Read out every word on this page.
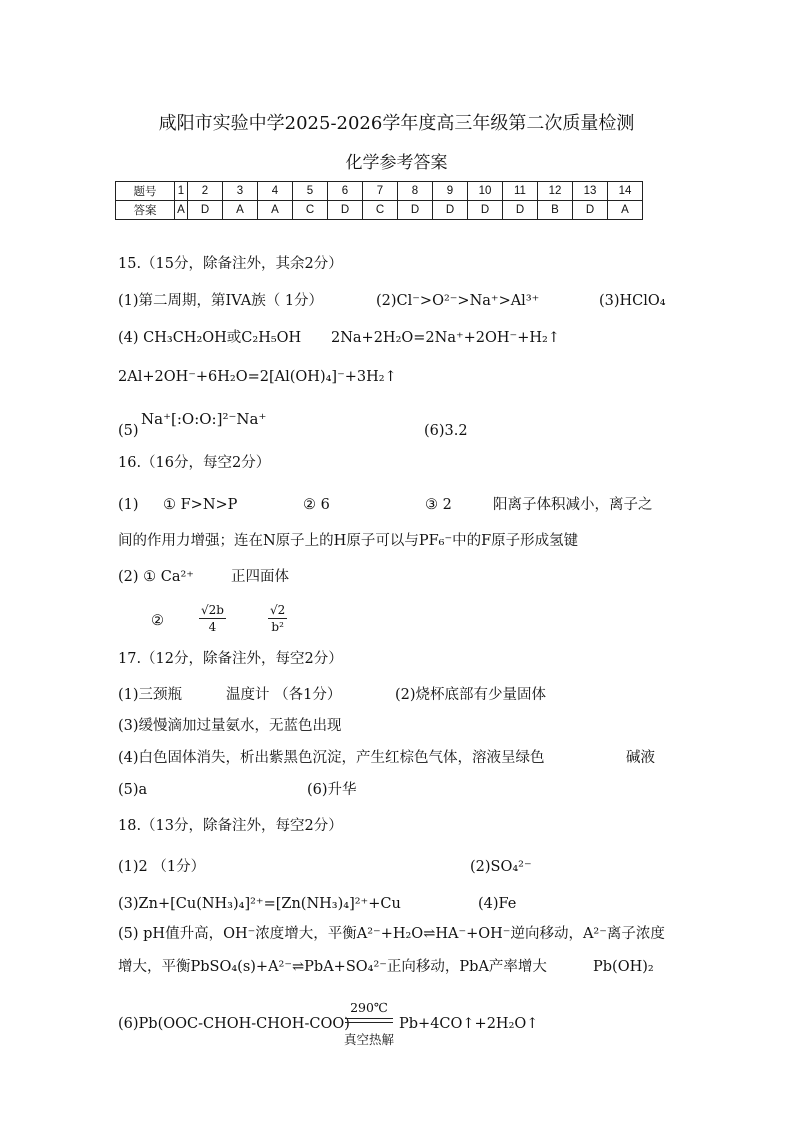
咸阳市实验中学2025-2026学年度高三年级第二次质量检测
化学参考答案
题号	1	2	3	4	5	6	7	8	9	10	11	12	13	14
答案	A	D	A	A	C	D	C	D	D	D	D	B	D	A
15.（15分，除备注外，其余2分）
(1)第二周期，第IVA族（ 1分）	(2)Cl⁻>O²⁻>Na⁺>Al³⁺	(3)HClO₄
(4) CH₃CH₂OH或C₂H₅OH 2Na+2H₂O=2Na⁺+2OH⁻+H₂↑
2Al+2OH⁻+6H₂O=2[Al(OH)₄]⁻+3H₂↑
(5)
Na⁺[:O:O:]²⁻Na⁺
(6)3.2
16.（16分，每空2分）
(1) ① F>N>P	② 6	③ 2	阳离子体积减小，离子之
间的作用力增强；连在N原子上的H原子可以与PF₆⁻中的F原子形成氢键
(2) ① Ca²⁺	正四面体
②	$\frac{√2b}{4}$	$\frac{√2}{\text{b²}}$
17.（12分，除备注外，每空2分）
(1)三颈瓶	温度计 （各1分）	(2)烧杯底部有少量固体
(3)缓慢滴加过量氨水，无蓝色出现
(4)白色固体消失，析出紫黑色沉淀，产生红棕色气体，溶液呈绿色	碱液
(5)a	(6)升华
18.（13分，除备注外，每空2分）
(1)2 （1分）	(2)SO₄²⁻
(3)Zn+[Cu(NH₃)₄]²⁺=[Zn(NH₃)₄]²⁺+Cu	(4)Fe
(5) pH值升高，OH⁻浓度增大，平衡A²⁻+H₂O⇌HA⁻+OH⁻逆向移动，A²⁻离子浓度
增大，平衡PbSO₄(s)+A²⁻⇌PbA+SO₄²⁻正向移动，PbA产率增大	Pb(OH)₂
(6)Pb(OOC-CHOH-CHOH-COO)
290℃
真空热解
Pb+4CO↑+2H₂O↑
